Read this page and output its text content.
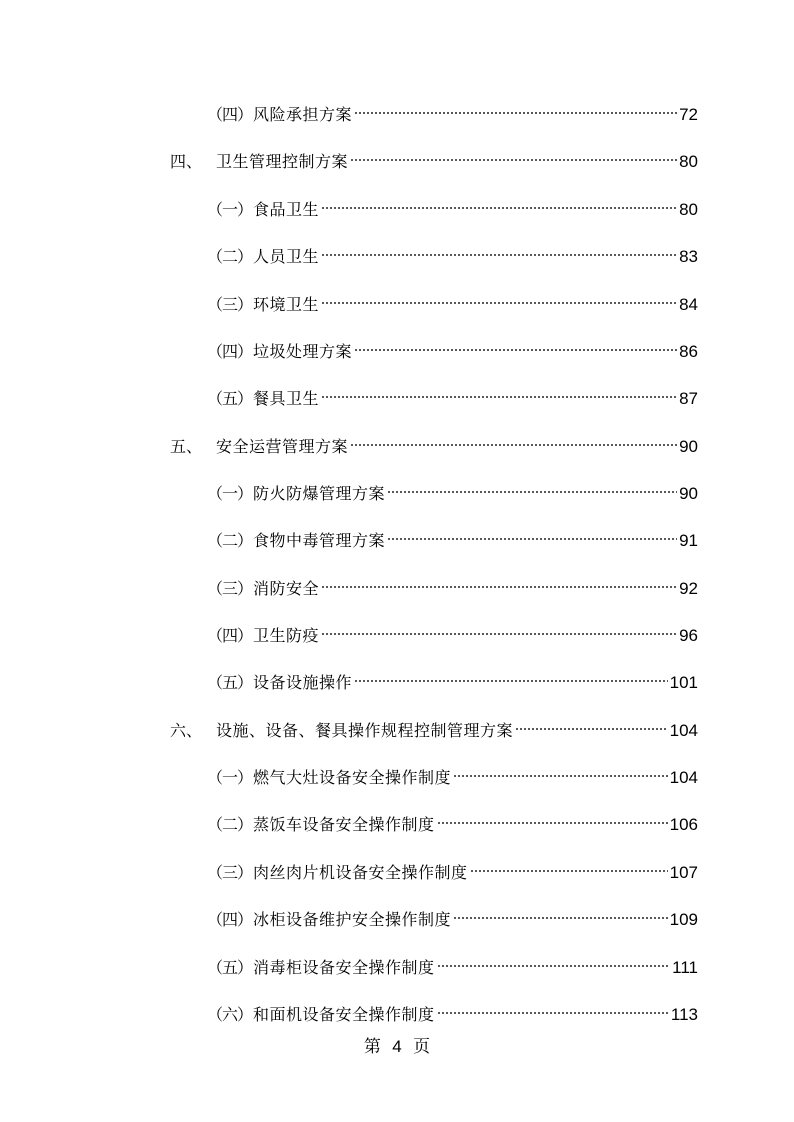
（四） 风险承担方案	72
四、 卫生管理控制方案	80
（一） 食品卫生	80
（二） 人员卫生	83
（三） 环境卫生	84
（四） 垃圾处理方案	86
（五） 餐具卫生	87
五、 安全运营管理方案	90
（一） 防火防爆管理方案	90
（二） 食物中毒管理方案	91
（三） 消防安全	92
（四） 卫生防疫	96
（五） 设备设施操作	101
六、 设施、设备、餐具操作规程控制管理方案	104
（一） 燃气大灶设备安全操作制度	104
（二） 蒸饭车设备安全操作制度	106
（三） 肉丝肉片机设备安全操作制度	107
（四） 冰柜设备维护安全操作制度	109
（五） 消毒柜设备安全操作制度	111
（六） 和面机设备安全操作制度	113
第 4 页
